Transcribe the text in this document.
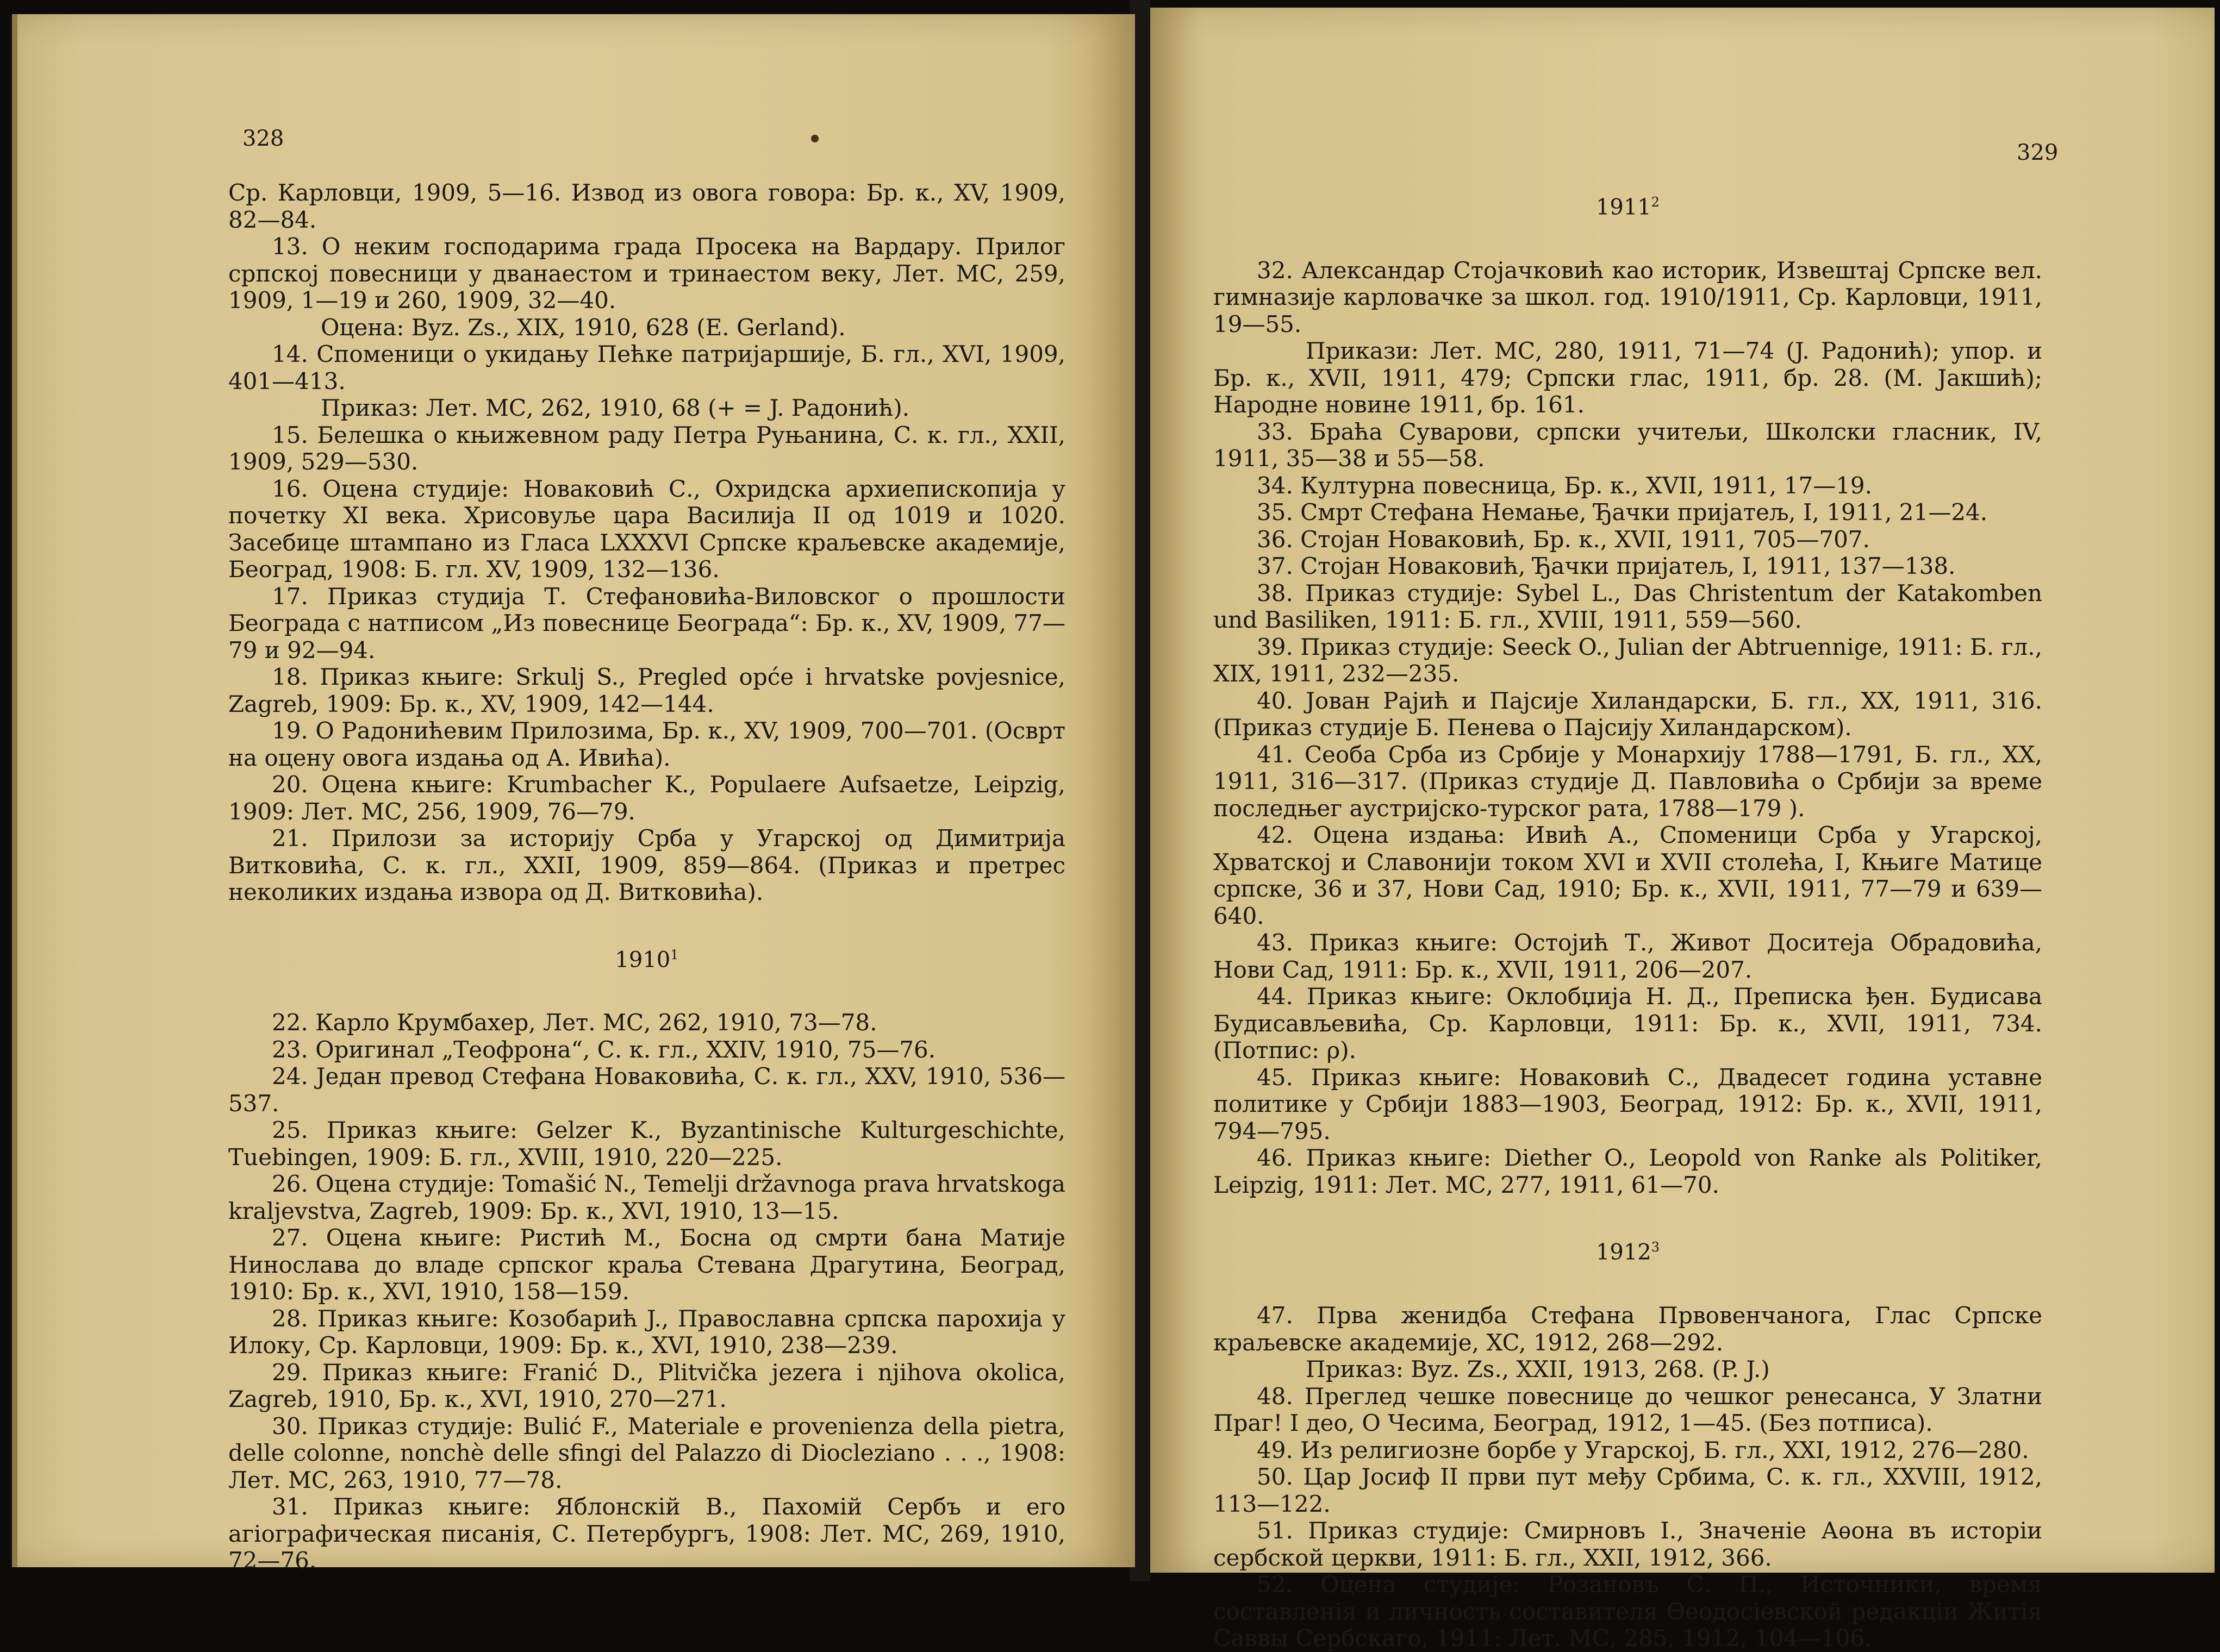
328

Ср. Карловци, 1909, 5—16. Извод из овога говора: Бр. к., XV, 1909, 82—84.

13. О неким господарима града Просека на Вардару. Прилог српској повесници у дванаестом и тринаестом веку, Лет. МС, 259, 1909, 1—19 и 260, 1909, 32—40.

Оцена: Byz. Zs., XIX, 1910, 628 (E. Gerland).

14. Споменици о укидању Пећке патријаршије, Б. гл., XVI, 1909, 401—413.

Приказ: Лет. МС, 262, 1910, 68 (+ = J. Радонић).

15. Белешка о књижевном раду Петра Руњанина, С. к. гл., XXII, 1909, 529—530.

16. Оцена студије: Новаковић С., Охридска архиепископија у почетку XI века. Хрисовуље цара Василија II од 1019 и 1020. Засебице штампано из Гласа LXXXVI Српске краљевске академије, Београд, 1908: Б. гл. XV, 1909, 132—136.

17. Приказ студија Т. Стефановића-Виловског о прошлости Београда с натписом „Из повеснице Београда“: Бр. к., XV, 1909, 77—79 и 92—94.

18. Приказ књиге: Srkulj S., Pregled opće i hrvatske povjesnice, Zagreb, 1909: Бр. к., XV, 1909, 142—144.

19. О Радонићевим Прилозима, Бр. к., XV, 1909, 700—701. (Осврт на оцену овога издања од А. Ивића).

20. Оцена књиге: Krumbacher K., Populaere Aufsaetze, Leipzig, 1909: Лет. МС, 256, 1909, 76—79.

21. Прилози за историју Срба у Угарској од Димитрија Витковића, С. к. гл., XXII, 1909, 859—864. (Приказ и претрес неколиких издања извора од Д. Витковића).

1910$^1$

22. Карло Крумбахер, Лет. МС, 262, 1910, 73—78.

23. Оригинал „Теофрона“, С. к. гл., XXIV, 1910, 75—76.

24. Један превод Стефана Новаковића, С. к. гл., XXV, 1910, 536—537.

25. Приказ књиге: Gelzer K., Byzantinische Kulturgeschichte, Tuebingen, 1909: Б. гл., XVIII, 1910, 220—225.

26. Оцена студије: Tomašić N., Temelji državnoga prava hrvatskoga kraljevstva, Zagreb, 1909: Бр. к., XVI, 1910, 13—15.

27. Оцена књиге: Ристић М., Босна од смрти бана Матије Нинослава до владе српског краља Стевана Драгутина, Београд, 1910: Бр. к., XVI, 1910, 158—159.

28. Приказ књиге: Козобарић J., Православна српска парохија у Илоку, Ср. Карловци, 1909: Бр. к., XVI, 1910, 238—239.

29. Приказ књиге: Franić D., Plitvička jezera i njihova okolica, Zagreb, 1910, Бр. к., XVI, 1910, 270—271.

30. Приказ студије: Bulić F., Materiale e provenienza della pietra, delle colonne, nonchè delle sfingi del Palazzo di Diocleziano . . ., 1908: Лет. МС, 263, 1910, 77—78.

31. Приказ књиге: Яблонскiй В., Пахомiй Сербъ и его агiографическая писанiя, С. Петербургъ, 1908: Лет. МС, 269, 1910, 72—76.

329

1911$^2$

32. Александар Стојачковић као историк, Извештај Српске вел. гимназије карловачке за школ. год. 1910/1911, Ср. Карловци, 1911, 19—55.

Прикази: Лет. МС, 280, 1911, 71—74 (J. Радонић); упор. и Бр. к., XVII, 1911, 479; Српски глас, 1911, бр. 28. (М. Јакшић); Народне новине 1911, бр. 161.

33. Браћа Суварови, српски учитељи, Школски гласник, IV, 1911, 35—38 и 55—58.

34. Културна повесница, Бр. к., XVII, 1911, 17—19.

35. Смрт Стефана Немање, Ђачки пријатељ, I, 1911, 21—24.

36. Стојан Новаковић, Бр. к., XVII, 1911, 705—707.

37. Стојан Новаковић, Ђачки пријатељ, I, 1911, 137—138.

38. Приказ студије: Sybel L., Das Christentum der Katakomben und Basiliken, 1911: Б. гл., XVIII, 1911, 559—560.

39. Приказ студије: Seeck O., Julian der Abtruennige, 1911: Б. гл., XIX, 1911, 232—235.

40. Јован Рајић и Пајсије Хиландарски, Б. гл., XX, 1911, 316. (Приказ студије Б. Пенева о Пајсију Хиландарском).

41. Сеоба Срба из Србије у Монархију 1788—1791, Б. гл., XX, 1911, 316—317. (Приказ студије Д. Павловића о Србији за време последњег аустријско-турског рата, 1788—179 ).

42. Оцена издања: Ивић А., Споменици Срба у Угарској, Хрватској и Славонији током XVI и XVII столећа, I, Књиге Матице српске, 36 и 37, Нови Сад, 1910; Бр. к., XVII, 1911, 77—79 и 639—640.

43. Приказ књиге: Остојић Т., Живот Доситеја Обрадовића, Нови Сад, 1911: Бр. к., XVII, 1911, 206—207.

44. Приказ књиге: Оклобџија Н. Д., Преписка ђен. Будисава Будисављевића, Ср. Карловци, 1911: Бр. к., XVII, 1911, 734. (Потпис: ρ).

45. Приказ књиге: Новаковић С., Двадесет година уставне политике у Србији 1883—1903, Београд, 1912: Бр. к., XVII, 1911, 794—795.

46. Приказ књиге: Diether O., Leopold von Ranke als Politiker, Leipzig, 1911: Лет. МС, 277, 1911, 61—70.

1912$^3$

47. Прва женидба Стефана Првовенчанога, Глас Српске краљевске академије, XC, 1912, 268—292.

Приказ: Byz. Zs., XXII, 1913, 268. (P. J.)

48. Преглед чешке повеснице до чешког ренесанса, У Златни Праг! I део, О Чесима, Београд, 1912, 1—45. (Без потписа).

49. Из религиозне борбе у Угарској, Б. гл., XXI, 1912, 276—280.

50. Цар Јосиф II први пут међу Србима, С. к. гл., XXVIII, 1912, 113—122.

51. Приказ студије: Смирновъ I., Значенiе Аѳона въ исторiи сербской церкви, 1911: Б. гл., XXII, 1912, 366.

52. Оцена студије: Розановъ С. П., Источники, время составленiя и личность составителя Ѳеодосiевской редакцiи Житiя Саввы Сербскаго, 1911: Лет. МС, 285, 1912, 104—106.
